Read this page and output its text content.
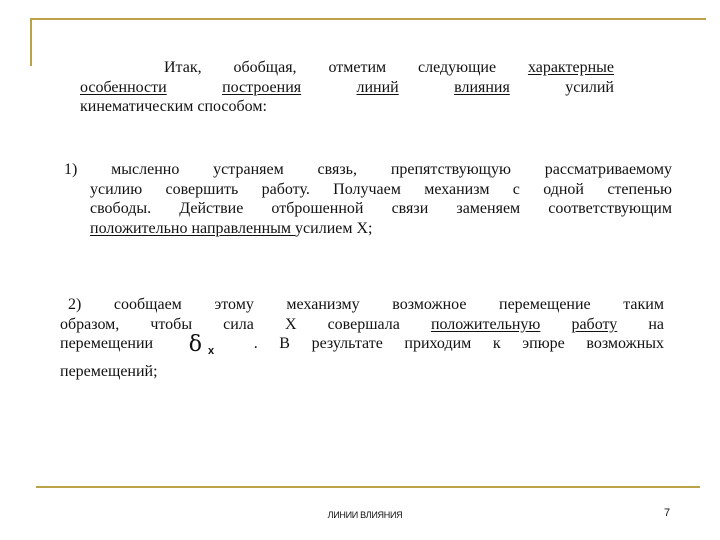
Итак, обобщая, отметим следующие характерные
особенности	построения	линий	влияния	усилий
кинематическим способом:
1) мысленно устраняем связь, препятствующую рассматриваемому
усилию совершить работу. Получаем механизм с одной степенью
свободы. Действие отброшенной связи заменяем соответствующим
положительно направленным усилием X;
2) сообщаем этому механизму возможное перемещение таким
образом, чтобы сила X совершала положительную работу на
перемещении δ $_x$ . В результате приходим к эпюре возможных
перемещений;
ЛИНИИ ВЛИЯНИЯ	7
